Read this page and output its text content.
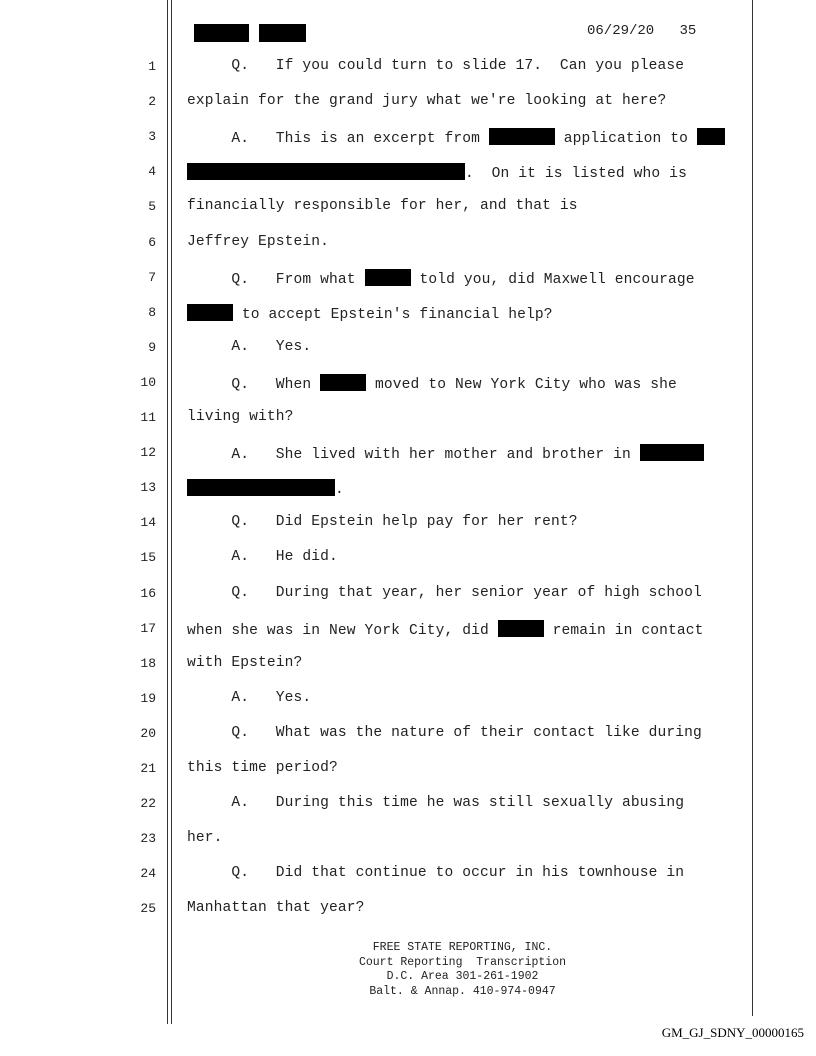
06/29/20 35
1 Q.   If you could turn to slide 17.  Can you please
2 explain for the grand jury what we're looking at here?
3 A.   This is an excerpt from	application to
4	.  On it is listed who is
5 financially responsible for her, and that is
6 Jeffrey Epstein.
7 Q.   From what	told you, did Maxwell encourage
8	to accept Epstein's financial help?
9 A.   Yes.
10 Q.   When	moved to New York City who was she
11 living with?
12 A.   She lived with her mother and brother in
13	.
14 Q.   Did Epstein help pay for her rent?
15 A.   He did.
16 Q.   During that year, her senior year of high school
17 when she was in New York City, did	remain in contact
18 with Epstein?
19 A.   Yes.
20 Q.   What was the nature of their contact like during
21 this time period?
22 A.   During this time he was still sexually abusing
23 her.
24 Q.   Did that continue to occur in his townhouse in
25 Manhattan that year?
FREE STATE REPORTING, INC.
Court Reporting  Transcription
D.C. Area 301-261-1902
Balt. & Annap. 410-974-0947
GM_GJ_SDNY_00000165
